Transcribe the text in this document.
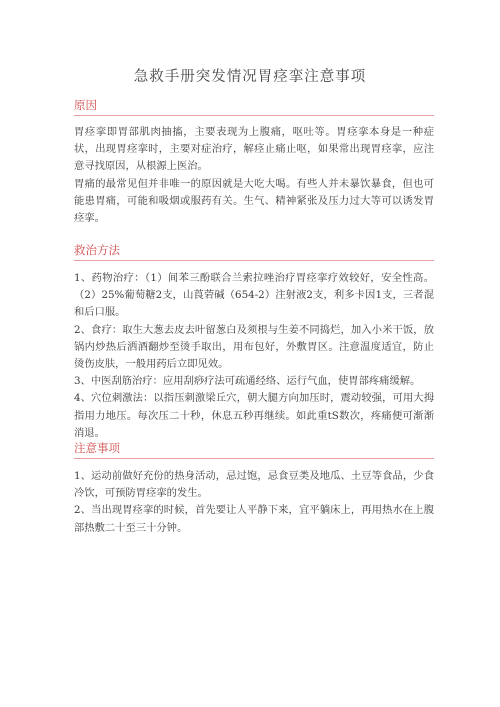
急救手册突发情况胃痉挛注意事项
原因

胃痉挛即胃部肌肉抽搐，主要表现为上腹痛，呕吐等。胃痉挛本身是一种症状，出现胃痉挛时，主要对症治疗，解痉止痛止呕，如果常出现胃痉挛，应注意寻找原因，从根源上医治。

胃痛的最常见但并非唯一的原因就是大吃大喝。有些人并未暴饮暴食，但也可能患胃痛，可能和吸烟或服药有关。生气、精神紧张及压力过大等可以诱发胃痉挛。

救治方法

1、药物治疗：（1）间苯三酚联合兰索拉唑治疗胃痉挛疗效较好，安全性高。（2）25%葡萄糖2支，山莨菪碱（654-2）注射液2支，利多卡因1支，三者混和后口服。

2、食疗：取生大葱去皮去叶留葱白及须根与生姜不同捣烂，加入小米干饭，放锅内炒热后洒酒翻炒至烫手取出，用布包好，外敷胃区。注意温度适宜，防止烫伤皮肤，一般用药后立即见效。

3、中医刮筋治疗：应用刮痧疗法可疏通经络、运行气血，使胃部疼痛缓解。

4、穴位刺激法：以指压刺激梁丘穴，朝大腿方向加压时，震动较强，可用大拇指用力地压。每次压二十秒，休息五秒再继续。如此重tS数次，疼痛便可渐渐消退。

注意事项

1、运动前做好充份的热身活动，忌过饱，忌食豆类及地瓜、土豆等食品，少食冷饮，可预防胃痉挛的发生。

2、当出现胃痉挛的时候，首先要让人平静下来，宜平躺床上，再用热水在上腹部热敷二十至三十分钟。
